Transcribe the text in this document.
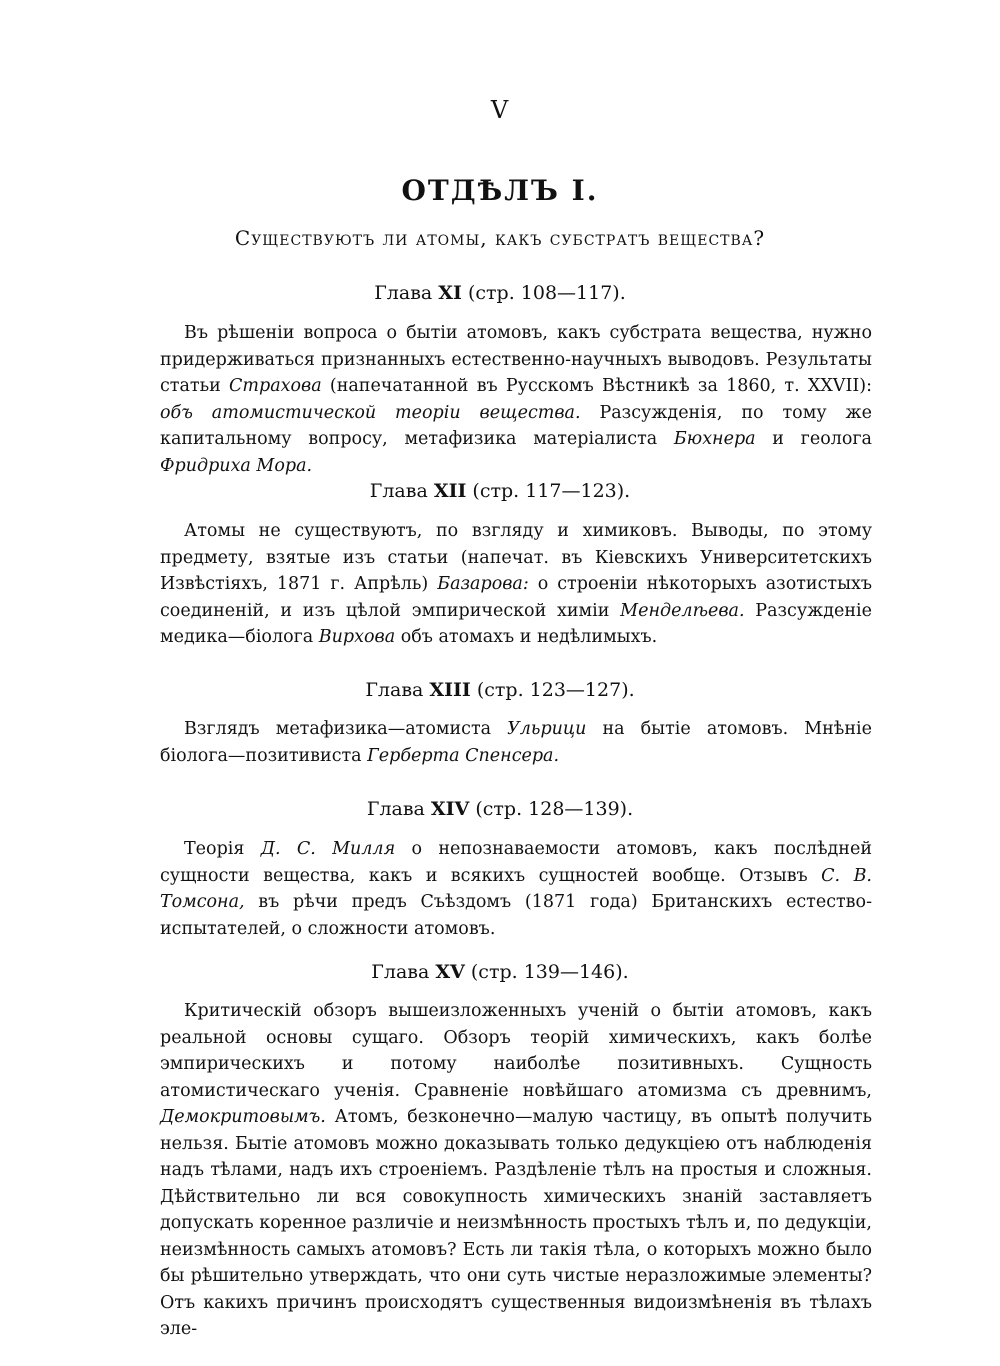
V
ОТДѢЛЪ I.
Существуютъ ли атомы, какъ субстратъ вещества?
Глава XI (стр. 108—117).

Въ рѣшеніи вопроса о бытіи атомовъ, какъ субстрата вещества, нужно придерживаться признанныхъ естественно-научныхъ выводовъ. Результаты статьи Страхова (напечатанной въ Русскомъ Вѣстникѣ за 1860, т. XXVII): объ атомистической теоріи вещества. Разсужденія, по тому же капитальному вопросу, метафизика матеріалиста Бюхнера и геолога Фридриха Мора.

Глава XII (стр. 117—123).

Атомы не существуютъ, по взгляду и химиковъ. Выводы, по этому предмету, взятые изъ статьи (напечат. въ Кіевскихъ Университетскихъ Извѣстіяхъ, 1871 г. Апрѣль) Базарова: о строеніи нѣкоторыхъ азотистыхъ соединеній, и изъ цѣлой эмпирической химіи Менделѣева. Разсужденіе медика—біолога Вирхова объ атомахъ и недѣлимыхъ.

Глава XIII (стр. 123—127).

Взглядъ метафизика—атомиста Ульрици на бытіе атомовъ. Мнѣніе біолога—позитивиста Герберта Спенсера.

Глава XIV (стр. 128—139).

Теорія Д. С. Милля о непознаваемости атомовъ, какъ послѣдней сущности вещества, какъ и всякихъ сущностей вообще. Отзывъ С. В. Томсона, въ рѣчи предъ Съѣздомъ (1871 года) Британскихъ естество-испытателей, о сложности атомовъ.

Глава XV (стр. 139—146).

Критическій обзоръ вышеизложенныхъ ученій о бытіи атомовъ, какъ реальной основы сущаго. Обзоръ теорій химическихъ, какъ болѣе эмпирическихъ и потому наиболѣе позитивныхъ. Сущность атомистическаго ученія. Сравненіе новѣйшаго атомизма съ древнимъ, Демокритовымъ. Атомъ, безконечно—малую частицу, въ опытѣ получить нельзя. Бытіе атомовъ можно доказывать только дедукціею отъ наблюденія надъ тѣлами, надъ ихъ строеніемъ. Раздѣленіе тѣлъ на простыя и сложныя. Дѣйствительно ли вся совокупность химическихъ знаній заставляетъ допускать коренное различіе и неизмѣнность простыхъ тѣлъ и, по дедукціи, неизмѣнность самыхъ атомовъ? Есть ли такія тѣла, о которыхъ можно было бы рѣшительно утверждать, что они суть чистые неразложимые элементы? Отъ какихъ причинъ происходятъ существенныя видоизмѣненія въ тѣлахъ эле-
